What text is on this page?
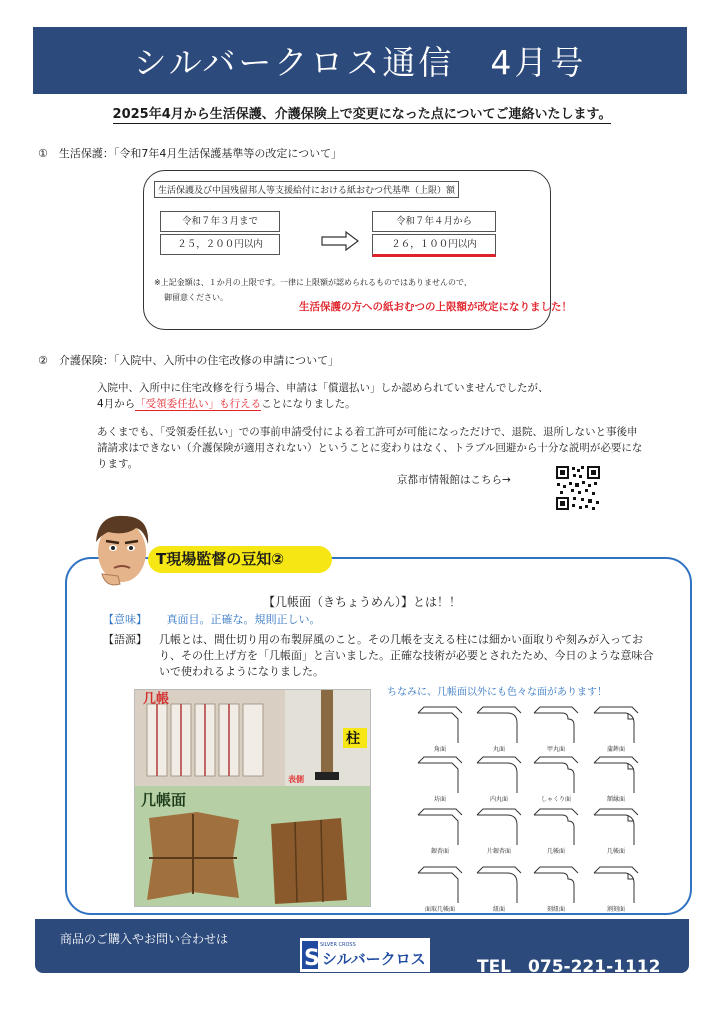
シルバークロス通信　4月号
2025年4月から生活保護、介護保険上で変更になった点についてご連絡いたします。
①　生活保護：「令和7年4月生活保護基準等の改定について」
生活保護及び中国残留邦人等支援給付における紙おむつ代基準（上限）額
令和７年３月まで
２５，２００円以内
令和７年４月から
２６，１００円以内
※上記金額は、１か月の上限です。一律に上限額が認められるものではありませんので、
御留意ください。
生活保護の方への紙おむつの上限額が改定になりました！
②　介護保険：「入院中、入所中の住宅改修の申請について」
入院中、入所中に住宅改修を行う場合、申請は「償還払い」しか認められていませんでしたが、
4月から「受領委任払い」も行えることになりました。
あくまでも、「受領委任払い」での事前申請受付による着工許可が可能になっただけで、退院、退所しないと事後申請請求はできない（介護保険が適用されない）ということに変わりはなく、トラブル回避から十分な説明が必要になります。
京都市情報館はこちら→
T現場監督の豆知②
【几帳面（きちょうめん）】とは！！
【意味】 真面目。正確な。規則正しい。
【語源】	几帳とは、間仕切り用の布製屏風のこと。その几帳を支える柱には細かい面取りや刻みが入っており、その仕上げ方を「几帳面」と言いました。正確な技術が必要とされたため、今日のような意味合いで使われるようになりました。
几帳
柱
表側
几帳面
ちなみに、几帳面以外にも色々な面があります！
角面	丸面	甲丸面	蒲鉾面
坊面	内丸面	しゃくり面	額縁面
銀杏面	片銀杏面	几帳面	几帳面
面取几帳面	紐面	刻紐面	割刻面
商品のご購入やお問い合わせは
S
SILVER CROSS
シルバークロス	TEL　075-221-1112
